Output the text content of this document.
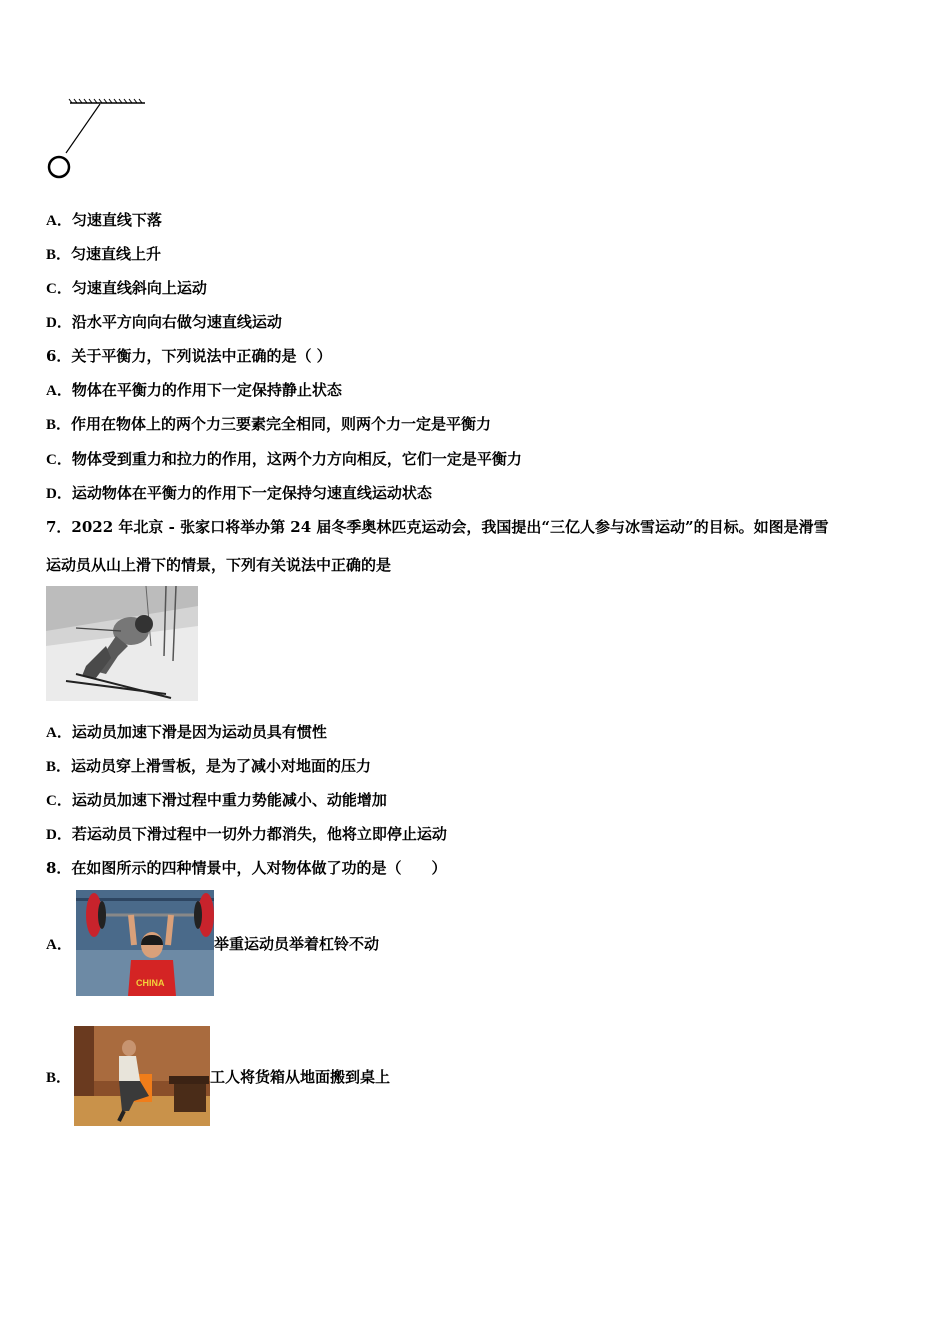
A．匀速直线下落
B．匀速直线上升
C．匀速直线斜向上运动
D．沿水平方向向右做匀速直线运动
6．关于平衡力，下列说法中正确的是（ ）
A．物体在平衡力的作用下一定保持静止状态
B．作用在物体上的两个力三要素完全相同，则两个力一定是平衡力
C．物体受到重力和拉力的作用，这两个力方向相反，它们一定是平衡力
D．运动物体在平衡力的作用下一定保持匀速直线运动状态
7．2022 年北京 - 张家口将举办第 24 届冬季奥林匹克运动会，我国提出“三亿人参与冰雪运动”的目标。如图是滑雪
运动员从山上滑下的情景，下列有关说法中正确的是
A．运动员加速下滑是因为运动员具有惯性
B．运动员穿上滑雪板，是为了减小对地面的压力
C．运动员加速下滑过程中重力势能减小、动能增加
D．若运动员下滑过程中一切外力都消失，他将立即停止运动
8．在如图所示的四种情景中，人对物体做了功的是（　　）
A．
CHINA
举重运动员举着杠铃不动
B．	工人将货箱从地面搬到桌上
